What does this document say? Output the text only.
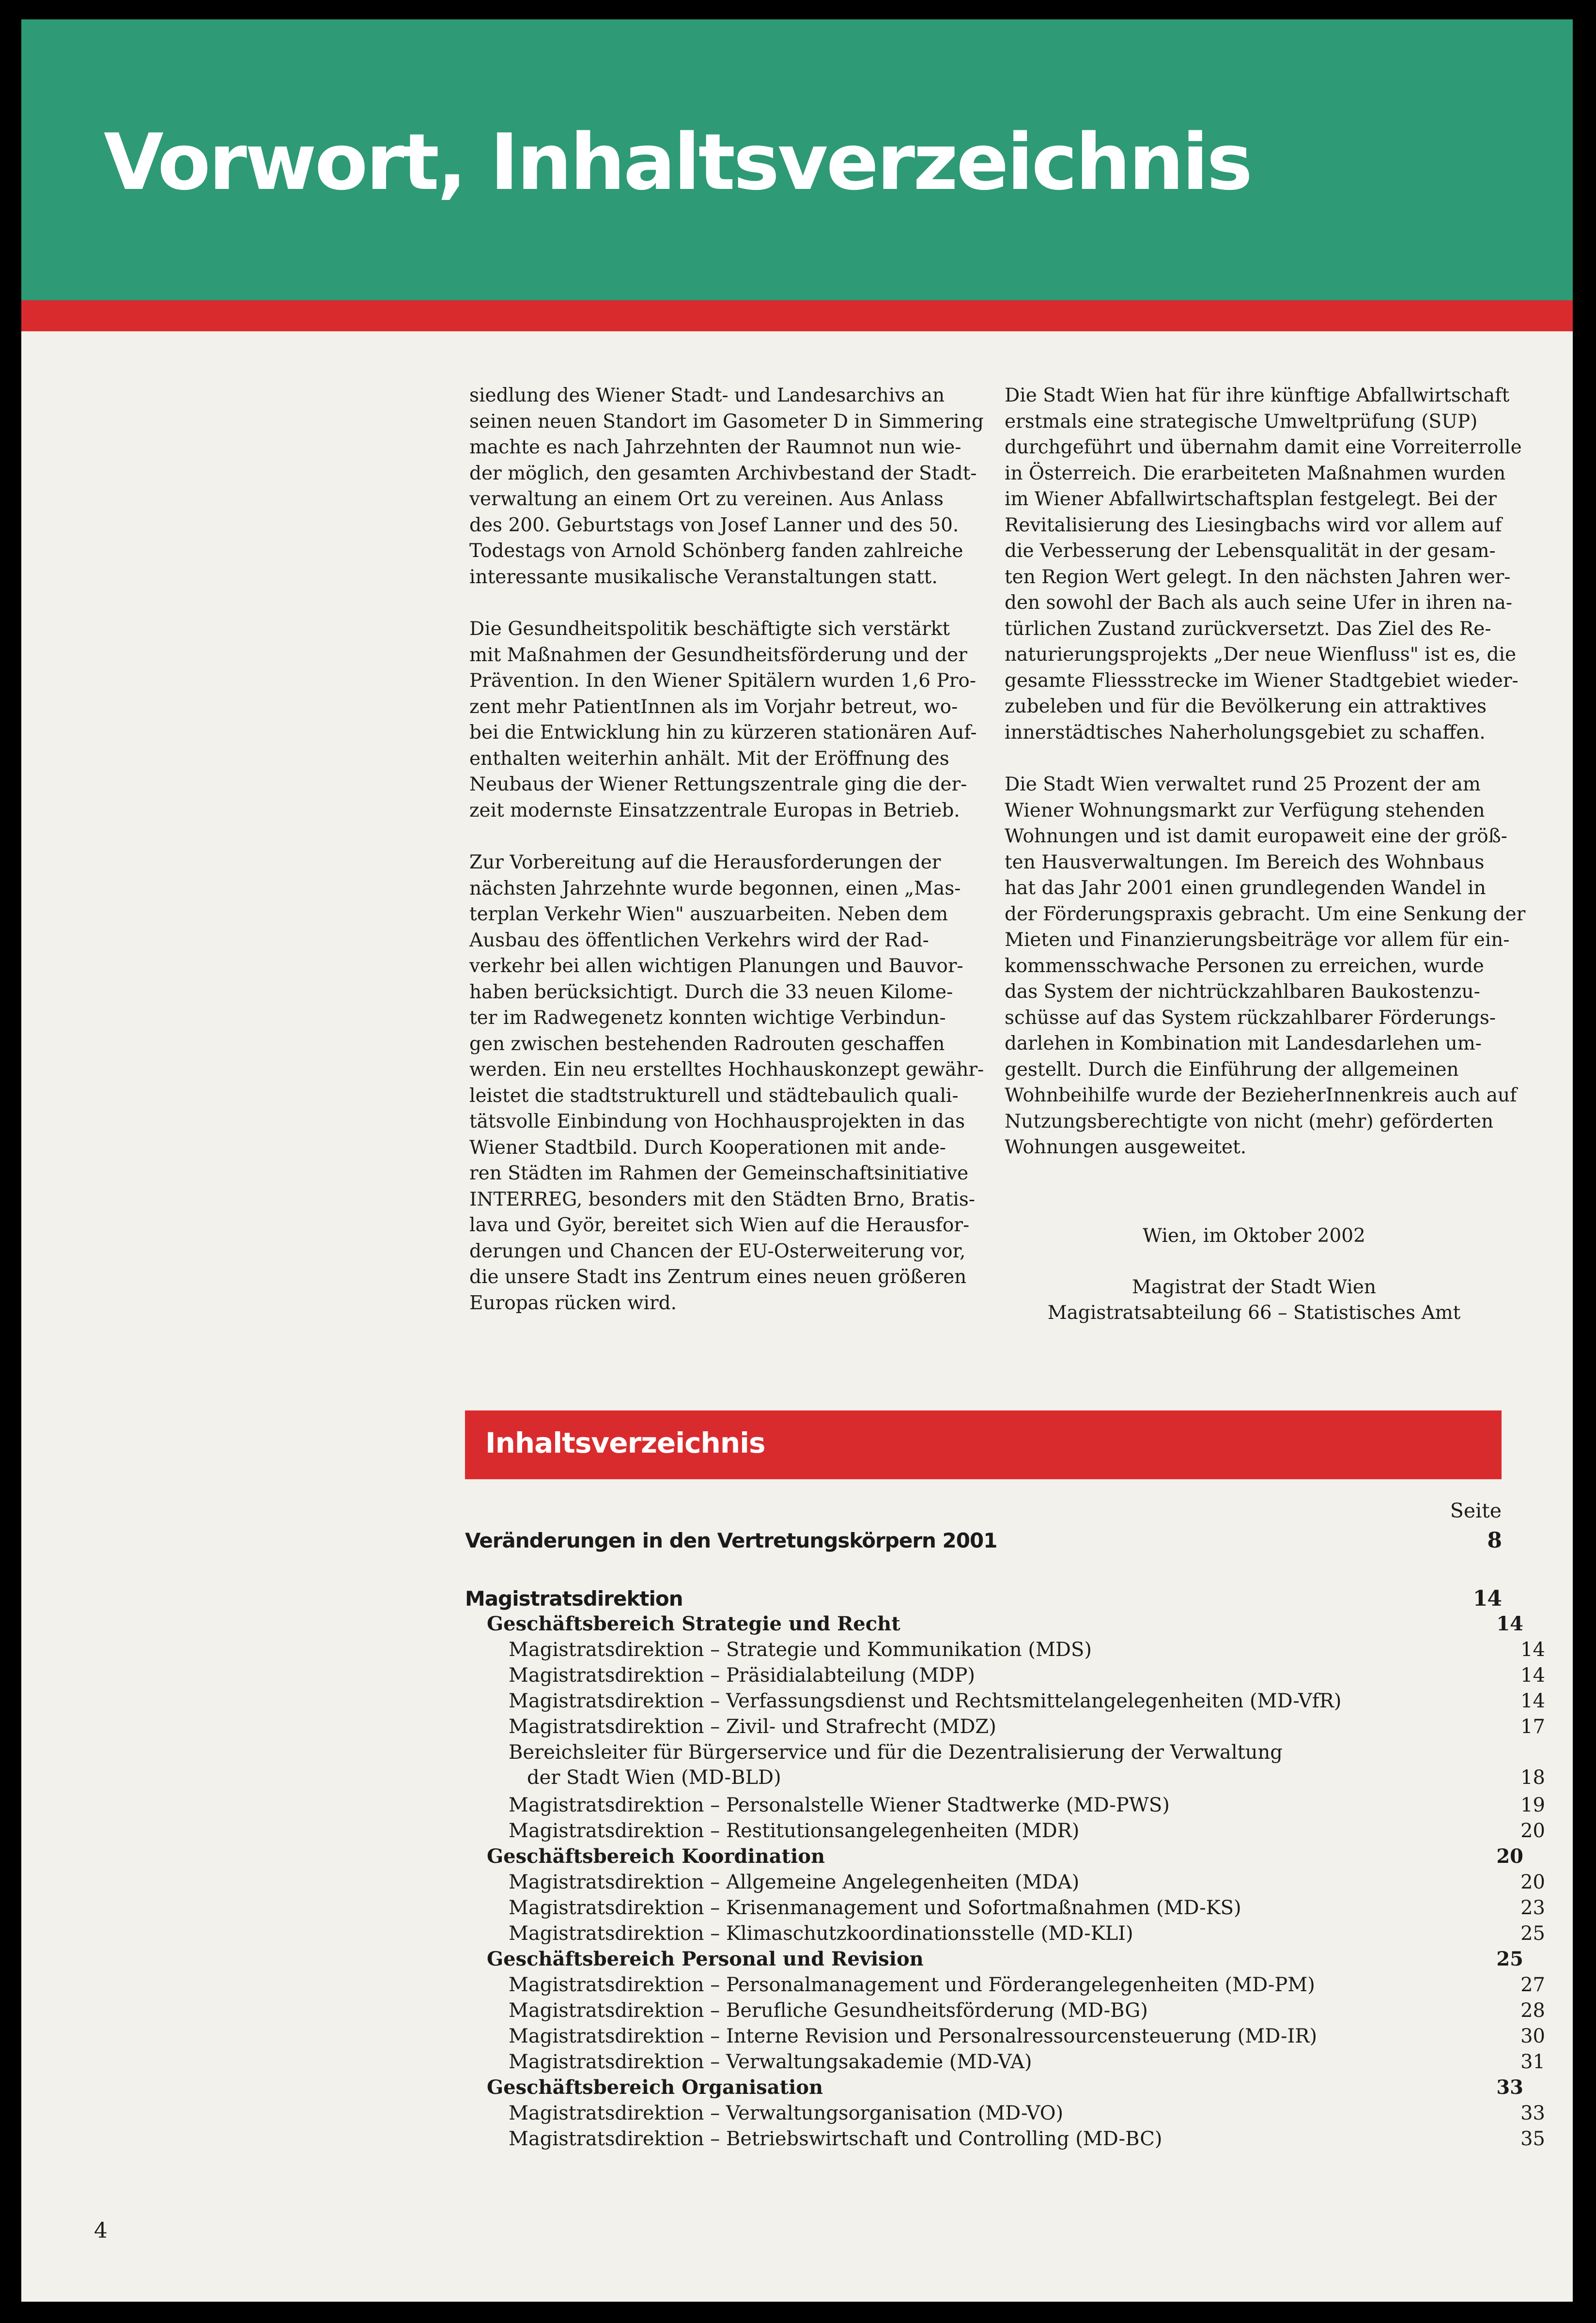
Vorwort, Inhaltsverzeichnis

siedlung des Wiener Stadt- und Landesarchivs an
seinen neuen Standort im Gasometer D in Simmering
machte es nach Jahrzehnten der Raumnot nun wie-
der möglich, den gesamten Archivbestand der Stadt-
verwaltung an einem Ort zu vereinen. Aus Anlass
des 200. Geburtstags von Josef Lanner und des 50.
Todestags von Arnold Schönberg fanden zahlreiche
interessante musikalische Veranstaltungen statt.

Die Gesundheitspolitik beschäftigte sich verstärkt
mit Maßnahmen der Gesundheitsförderung und der
Prävention. In den Wiener Spitälern wurden 1,6 Pro-
zent mehr PatientInnen als im Vorjahr betreut, wo-
bei die Entwicklung hin zu kürzeren stationären Auf-
enthalten weiterhin anhält. Mit der Eröffnung des
Neubaus der Wiener Rettungszentrale ging die der-
zeit modernste Einsatzzentrale Europas in Betrieb.

Zur Vorbereitung auf die Herausforderungen der
nächsten Jahrzehnte wurde begonnen, einen „Mas-
terplan Verkehr Wien" auszuarbeiten. Neben dem
Ausbau des öffentlichen Verkehrs wird der Rad-
verkehr bei allen wichtigen Planungen und Bauvor-
haben berücksichtigt. Durch die 33 neuen Kilome-
ter im Radwegenetz konnten wichtige Verbindun-
gen zwischen bestehenden Radrouten geschaffen
werden. Ein neu erstelltes Hochhauskonzept gewähr-
leistet die stadtstrukturell und städtebaulich quali-
tätsvolle Einbindung von Hochhausprojekten in das
Wiener Stadtbild. Durch Kooperationen mit ande-
ren Städten im Rahmen der Gemeinschaftsinitiative
INTERREG, besonders mit den Städten Brno, Bratis-
lava und Györ, bereitet sich Wien auf die Herausfor-
derungen und Chancen der EU-Osterweiterung vor,
die unsere Stadt ins Zentrum eines neuen größeren
Europas rücken wird.

Die Stadt Wien hat für ihre künftige Abfallwirtschaft
erstmals eine strategische Umweltprüfung (SUP)
durchgeführt und übernahm damit eine Vorreiterrolle
in Österreich. Die erarbeiteten Maßnahmen wurden
im Wiener Abfallwirtschaftsplan festgelegt. Bei der
Revitalisierung des Liesingbachs wird vor allem auf
die Verbesserung der Lebensqualität in der gesam-
ten Region Wert gelegt. In den nächsten Jahren wer-
den sowohl der Bach als auch seine Ufer in ihren na-
türlichen Zustand zurückversetzt. Das Ziel des Re-
naturierungsprojekts „Der neue Wienfluss" ist es, die
gesamte Fliessstrecke im Wiener Stadtgebiet wieder-
zubeleben und für die Bevölkerung ein attraktives
innerstädtisches Naherholungsgebiet zu schaffen.

Die Stadt Wien verwaltet rund 25 Prozent der am
Wiener Wohnungsmarkt zur Verfügung stehenden
Wohnungen und ist damit europaweit eine der größ-
ten Hausverwaltungen. Im Bereich des Wohnbaus
hat das Jahr 2001 einen grundlegenden Wandel in
der Förderungspraxis gebracht. Um eine Senkung der
Mieten und Finanzierungsbeiträge vor allem für ein-
kommensschwache Personen zu erreichen, wurde
das System der nichtrückzahlbaren Baukostenzu-
schüsse auf das System rückzahlbarer Förderungs-
darlehen in Kombination mit Landesdarlehen um-
gestellt. Durch die Einführung der allgemeinen
Wohnbeihilfe wurde der BezieherInnenkreis auch auf
Nutzungsberechtigte von nicht (mehr) geförderten
Wohnungen ausgeweitet.

Wien, im Oktober 2002
Magistrat der Stadt Wien
Magistratsabteilung 66 – Statistisches Amt
Inhaltsverzeichnis
Seite
Veränderungen in den Vertretungskörpern 2001	8
Magistratsdirektion	14
Geschäftsbereich Strategie und Recht	14
Magistratsdirektion – Strategie und Kommunikation (MDS)	14
Magistratsdirektion – Präsidialabteilung (MDP)	14
Magistratsdirektion – Verfassungsdienst und Rechtsmittelangelegenheiten (MD-VfR)	14
Magistratsdirektion – Zivil- und Strafrecht (MDZ)	17
Bereichsleiter für Bürgerservice und für die Dezentralisierung der Verwaltung
der Stadt Wien (MD-BLD)	18
Magistratsdirektion – Personalstelle Wiener Stadtwerke (MD-PWS)	19
Magistratsdirektion – Restitutionsangelegenheiten (MDR)	20
Geschäftsbereich Koordination	20
Magistratsdirektion – Allgemeine Angelegenheiten (MDA)	20
Magistratsdirektion – Krisenmanagement und Sofortmaßnahmen (MD-KS)	23
Magistratsdirektion – Klimaschutzkoordinationsstelle (MD-KLI)	25
Geschäftsbereich Personal und Revision	25
Magistratsdirektion – Personalmanagement und Förderangelegenheiten (MD-PM)	27
Magistratsdirektion – Berufliche Gesundheitsförderung (MD-BG)	28
Magistratsdirektion – Interne Revision und Personalressourcensteuerung (MD-IR)	30
Magistratsdirektion – Verwaltungsakademie (MD-VA)	31
Geschäftsbereich Organisation	33
Magistratsdirektion – Verwaltungsorganisation (MD-VO)	33
Magistratsdirektion – Betriebswirtschaft und Controlling (MD-BC)	35
4
